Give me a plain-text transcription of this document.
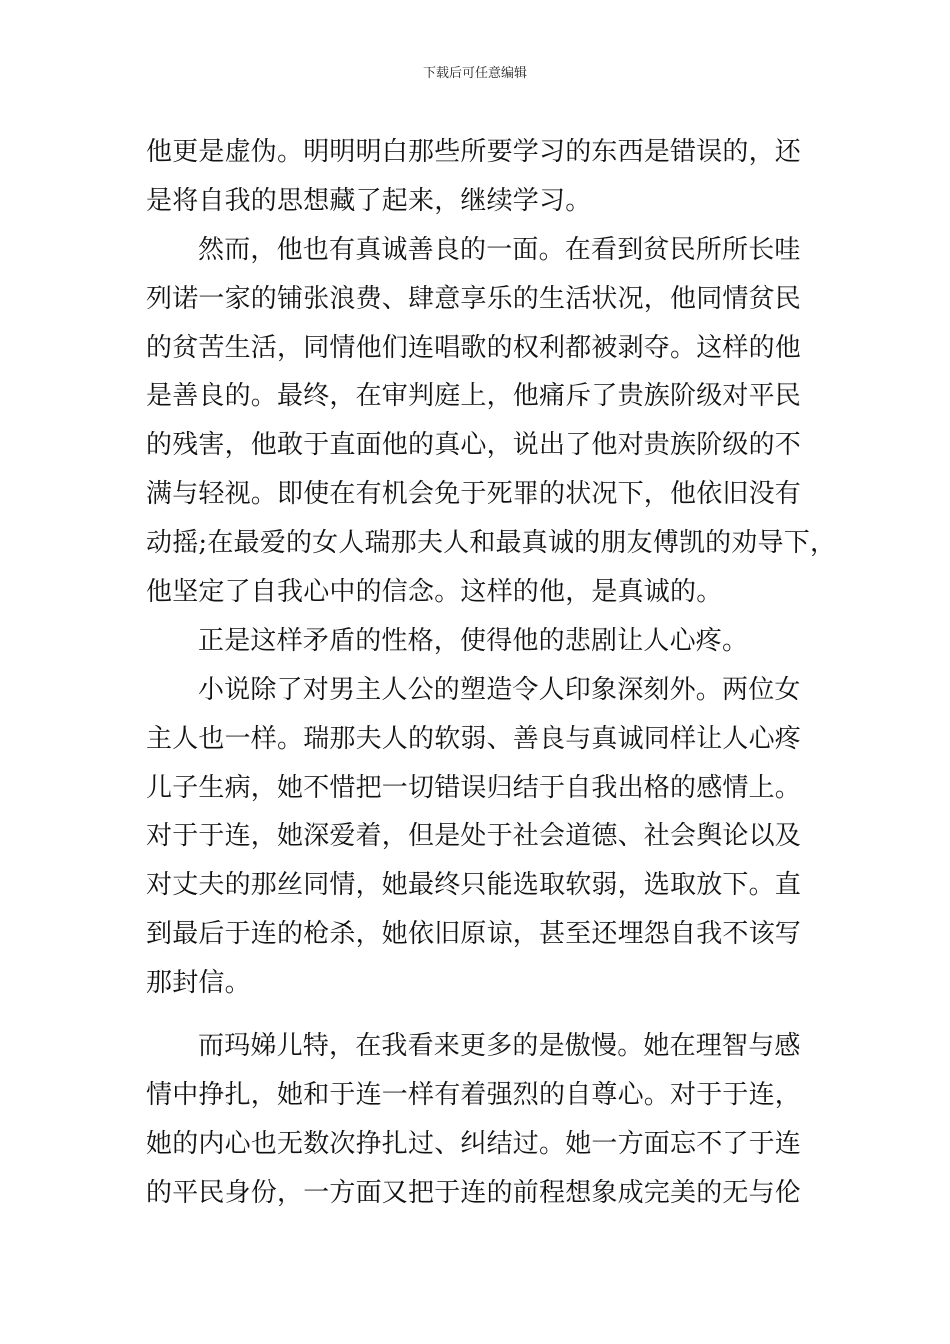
下载后可任意编辑
他更是虚伪。明明明白那些所要学习的东西是错误的，还
是将自我的思想藏了起来，继续学习。
然而，他也有真诚善良的一面。在看到贫民所所长哇
列诺一家的铺张浪费、肆意享乐的生活状况，他同情贫民
的贫苦生活，同情他们连唱歌的权利都被剥夺。这样的他
是善良的。最终，在审判庭上，他痛斥了贵族阶级对平民
的残害，他敢于直面他的真心，说出了他对贵族阶级的不
满与轻视。即使在有机会免于死罪的状况下，他依旧没有
动摇;在最爱的女人瑞那夫人和最真诚的朋友傅凯的劝导下，
他坚定了自我心中的信念。这样的他，是真诚的。
正是这样矛盾的性格，使得他的悲剧让人心疼。
小说除了对男主人公的塑造令人印象深刻外。两位女
主人也一样。瑞那夫人的软弱、善良与真诚同样让人心疼
儿子生病，她不惜把一切错误归结于自我出格的感情上。
对于于连，她深爱着，但是处于社会道德、社会舆论以及
对丈夫的那丝同情，她最终只能选取软弱，选取放下。直
到最后于连的枪杀，她依旧原谅，甚至还埋怨自我不该写
那封信。
而玛娣儿特，在我看来更多的是傲慢。她在理智与感
情中挣扎，她和于连一样有着强烈的自尊心。对于于连，
她的内心也无数次挣扎过、纠结过。她一方面忘不了于连
的平民身份，一方面又把于连的前程想象成完美的无与伦
